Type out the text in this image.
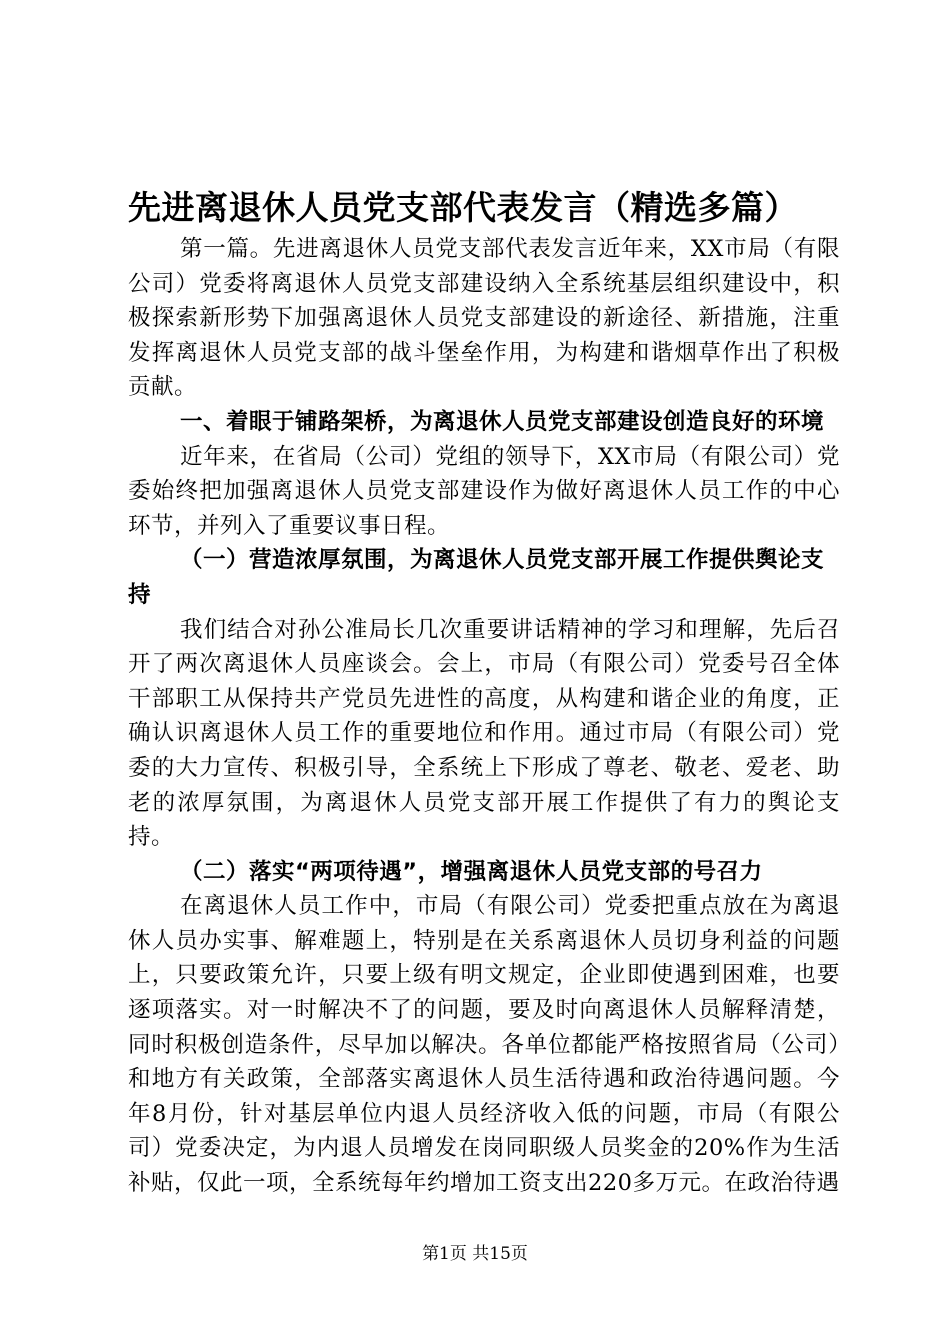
先进离退休人员党支部代表发言（精选多篇）

第一篇。先进离退休人员党支部代表发言近年来，XX市局（有限公司）党委将离退休人员党支部建设纳入全系统基层组织建设中，积极探索新形势下加强离退休人员党支部建设的新途径、新措施，注重发挥离退休人员党支部的战斗堡垒作用，为构建和谐烟草作出了积极贡献。

一、着眼于铺路架桥，为离退休人员党支部建设创造良好的环境

近年来，在省局（公司）党组的领导下，XX市局（有限公司）党委始终把加强离退休人员党支部建设作为做好离退休人员工作的中心环节，并列入了重要议事日程。

（一）营造浓厚氛围，为离退休人员党支部开展工作提供舆论支持

我们结合对孙公准局长几次重要讲话精神的学习和理解，先后召开了两次离退休人员座谈会。会上，市局（有限公司）党委号召全体干部职工从保持共产党员先进性的高度，从构建和谐企业的角度，正确认识离退休人员工作的重要地位和作用。通过市局（有限公司）党委的大力宣传、积极引导，全系统上下形成了尊老、敬老、爱老、助老的浓厚氛围，为离退休人员党支部开展工作提供了有力的舆论支持。

（二）落实“两项待遇”，增强离退休人员党支部的号召力

在离退休人员工作中，市局（有限公司）党委把重点放在为离退休人员办实事、解难题上，特别是在关系离退休人员切身利益的问题上，只要政策允许，只要上级有明文规定，企业即使遇到困难，也要逐项落实。对一时解决不了的问题，要及时向离退休人员解释清楚，同时积极创造条件，尽早加以解决。各单位都能严格按照省局（公司）和地方有关政策，全部落实离退休人员生活待遇和政治待遇问题。今年8月份，针对基层单位内退人员经济收入低的问题，市局（有限公司）党委决定，为内退人员增发在岗同职级人员奖金的20%作为生活补贴，仅此一项，全系统每年约增加工资支出220多万元。在政治待遇

第1页 共15页
